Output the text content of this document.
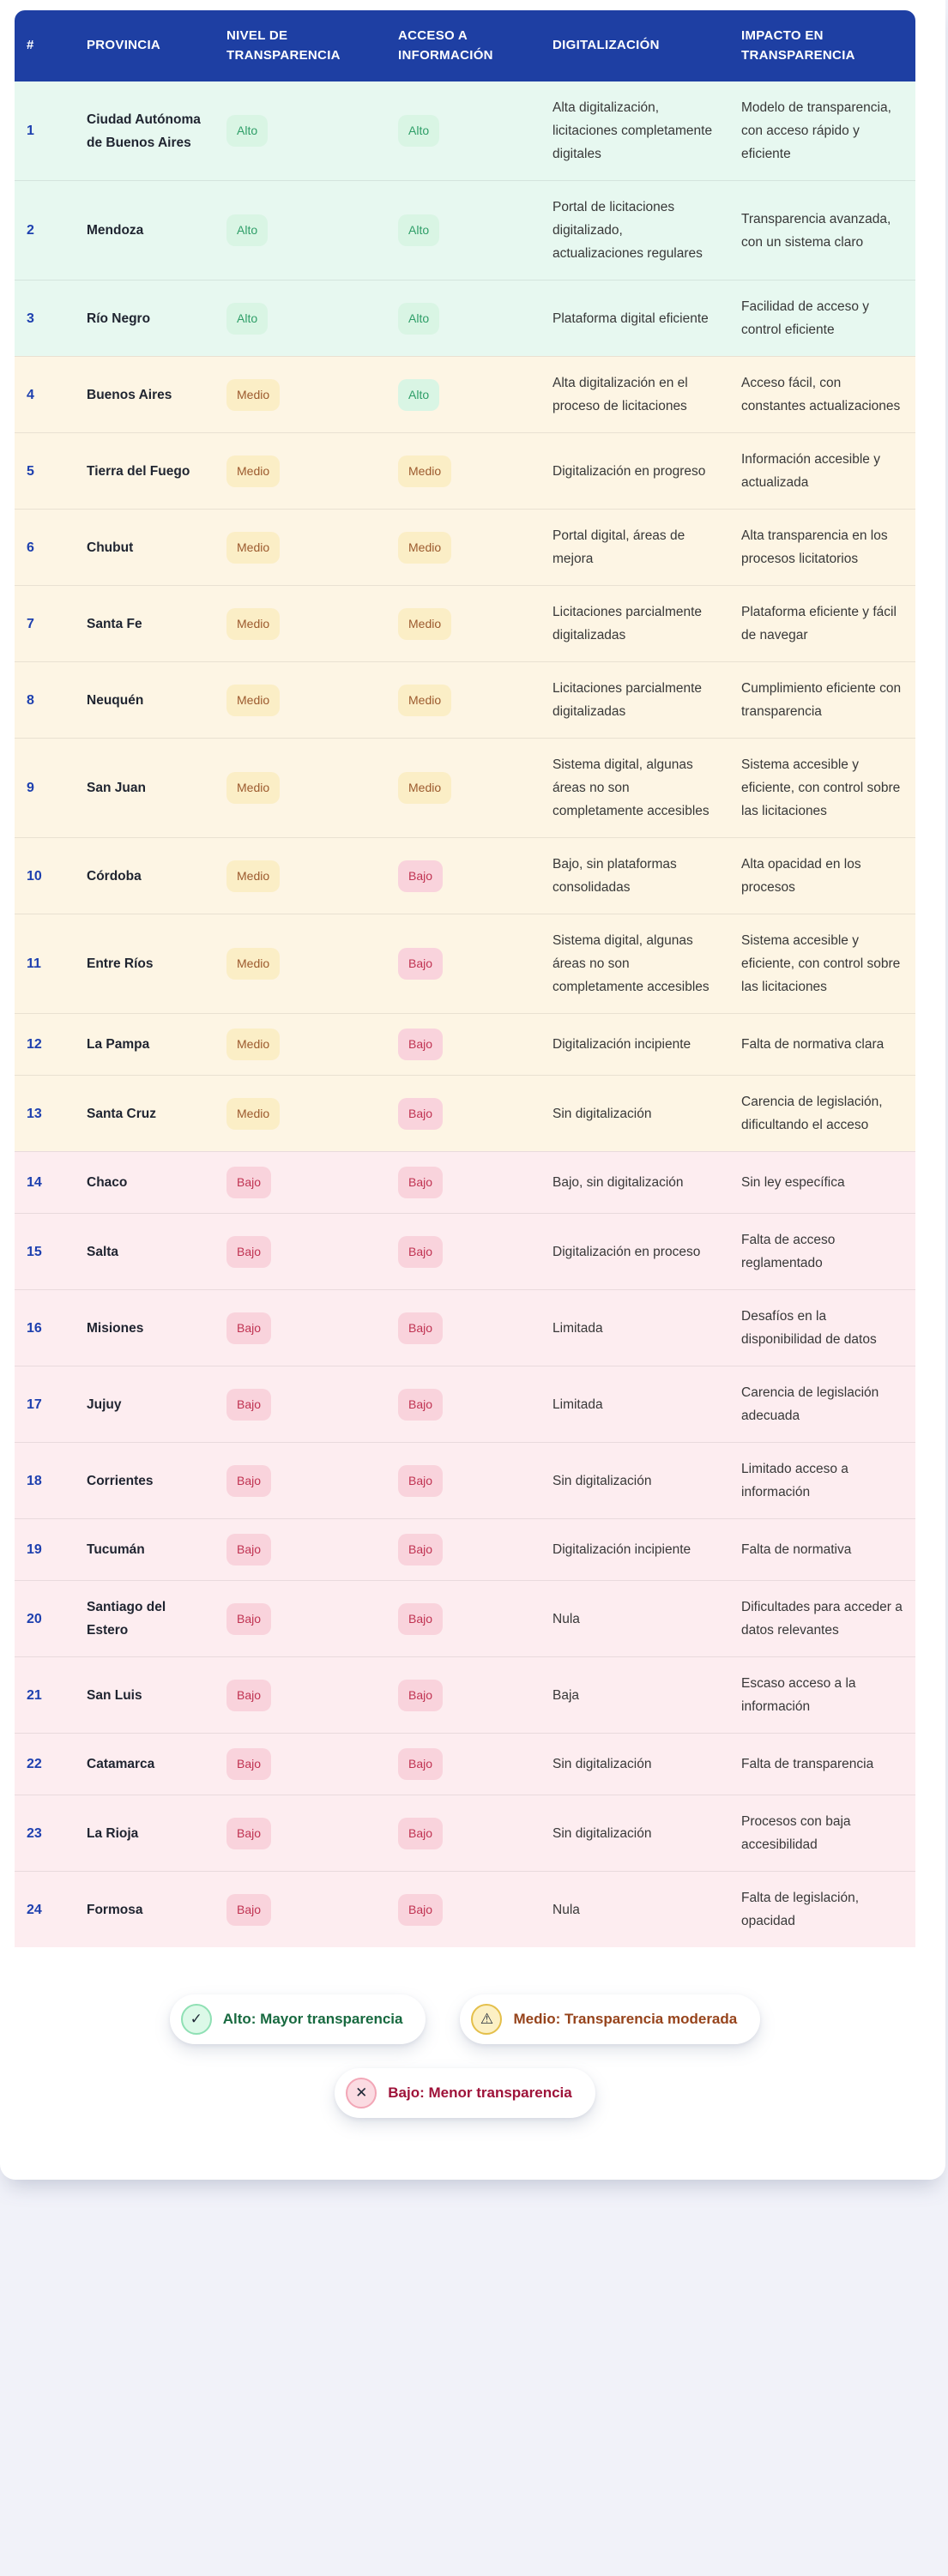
#	PROVINCIA	NIVEL DE TRANSPARENCIA	ACCESO A INFORMACIÓN	DIGITALIZACIÓN	IMPACTO EN TRANSPARENCIA
1	Ciudad Autónoma de Buenos Aires	Alto	Alto	Alta digitalización, licitaciones completamente digitales	Modelo de transparencia, con acceso rápido y eficiente
2	Mendoza	Alto	Alto	Portal de licitaciones digitalizado, actualizaciones regulares	Transparencia avanzada, con un sistema claro
3	Río Negro	Alto	Alto	Plataforma digital eficiente	Facilidad de acceso y control eficiente
4	Buenos Aires	Medio	Alto	Alta digitalización en el proceso de licitaciones	Acceso fácil, con constantes actualizaciones
5	Tierra del Fuego	Medio	Medio	Digitalización en progreso	Información accesible y actualizada
6	Chubut	Medio	Medio	Portal digital, áreas de mejora	Alta transparencia en los procesos licitatorios
7	Santa Fe	Medio	Medio	Licitaciones parcialmente digitalizadas	Plataforma eficiente y fácil de navegar
8	Neuquén	Medio	Medio	Licitaciones parcialmente digitalizadas	Cumplimiento eficiente con transparencia
9	San Juan	Medio	Medio	Sistema digital, algunas áreas no son completamente accesibles	Sistema accesible y eficiente, con control sobre las licitaciones
10	Córdoba	Medio	Bajo	Bajo, sin plataformas consolidadas	Alta opacidad en los procesos
11	Entre Ríos	Medio	Bajo	Sistema digital, algunas áreas no son completamente accesibles	Sistema accesible y eficiente, con control sobre las licitaciones
12	La Pampa	Medio	Bajo	Digitalización incipiente	Falta de normativa clara
13	Santa Cruz	Medio	Bajo	Sin digitalización	Carencia de legislación, dificultando el acceso
14	Chaco	Bajo	Bajo	Bajo, sin digitalización	Sin ley específica
15	Salta	Bajo	Bajo	Digitalización en proceso	Falta de acceso reglamentado
16	Misiones	Bajo	Bajo	Limitada	Desafíos en la disponibilidad de datos
17	Jujuy	Bajo	Bajo	Limitada	Carencia de legislación adecuada
18	Corrientes	Bajo	Bajo	Sin digitalización	Limitado acceso a información
19	Tucumán	Bajo	Bajo	Digitalización incipiente	Falta de normativa
20	Santiago del Estero	Bajo	Bajo	Nula	Dificultades para acceder a datos relevantes
21	San Luis	Bajo	Bajo	Baja	Escaso acceso a la información
22	Catamarca	Bajo	Bajo	Sin digitalización	Falta de transparencia
23	La Rioja	Bajo	Bajo	Sin digitalización	Procesos con baja accesibilidad
24	Formosa	Bajo	Bajo	Nula	Falta de legislación, opacidad
✓	Alto: Mayor transparencia	⚠︎	Medio: Transparencia moderada
✕	Bajo: Menor transparencia
